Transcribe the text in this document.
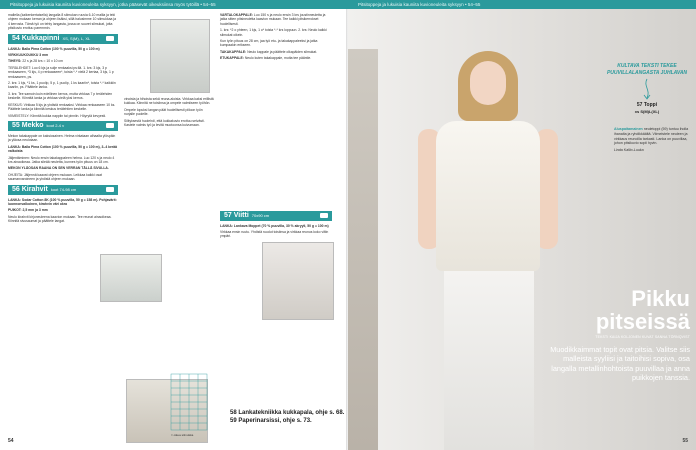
Pitsitoppeja ja lukuisia kauniita kuvioneuleita syksyyn, jotka pääsevät oikeuksiinsa myös tytöillä • 54–55	Pitsitoppeja ja lukuisia kauniita kuvioneuleita syksyyn • 54–55

mallella (kaikenkertaisella) langalla 8 silmukan ruuvia 6-10 mallia ja teki ohjeen mukaan kerran ja ohjeen lisäksi, sillä halusimme 10 silmukkaa ja 4 kerrosta. Tämä työ on tehty langasta, jossa on suuret silmukat, jotta pitsikuvio erottuu paremmin.

54 Kukkapinni XS, S(M), L, XL

LANKA: Baila Pima Cotton (100 % puuvilla, 50 g = 100 m)

VIRKKUUKOUKKU 3 mm

TIHEYS: 22 s ja 28 krs = 10 x 10 cm

TERÄLEHDET: Luo 6 kjs ja sulje renkaaksi ps:llä. 1. krs: 3 kjs, 3 p renkaaseen, *3 kjs, 4 p renkaaseen*, toista *-* vielä 2 kertaa, 3 kjs, 1 p renkaaseen, ps.

2. krs: 1 kjs, *1 ks, 1 puolip, 5 p, 1 puolip, 1 ks kaariin*, toista *-* kaikkiin kaariin, ps. Päättele lanka.

3. krs: Tee samoin kuin edellinen kerros, mutta virkkaa 7 p terälehden keskelle. Kiinnitä lanka ja virkkaa vielä yksi kerros.

KESKUS: Virkkaa 5 kjs ja yhdistä renkaaksi. Virkkaa renkaaseen 10 ks. Päättele lanka ja kiinnitä keskus terälehtien keskelle.

VIIMEISTELY: Kiinnitä kukka nappiin tai pinniin. Höyrytä kevyesti.

55 Mekko koot 2-4 v

Mekon takakappale on kaksiosainen. Helma virkataan alhaalta ylöspäin ja yläosa neulotaan.

LANKA: Baila Pima Cotton (100 % puuvilla, 50 g = 100 m), 3–4 kerää valkoista

Jäljentäminen: Neulo ensin takakappaleen helma. Luo 120 s ja neulo 4 krs ainaoikeaa. Jatka sileää neuletta, kunnes työn pituus on 18 cm.

MEKON YLÄOSAN RAANA ON SEN VERRAN TÄLLÄ SIVULLA.

OHJEITA: Jäljennä kaavat ohjeen mukaan. Leikkaa kaikki osat saumanvaroineen ja yhdistä ohjeen mukaan.

56 Kirahvit koot 74-98 cm

LANKA: Sodar Cotton 8K (100 % puuvilla, 50 g = 158 m). Pohjavärit: luonnonvalkoinen, kirahvin väri okra

PUIKOT: 2,5 mm ja 3 mm

Neulo kirahvit kirjoneuleena kaavion mukaan. Tee reunat ainaoikeaa. Kiinnitä sivusaumat ja päättele langat.

vinoista ja hihoista sekä reuna-aloista. Virkkaa kaksi erillistä kukkaa. Kiinnitä ne toisiinsa ja ompele valmiiseen työhön.

Ompele lopuksi langan päät huolellisesti piiloon työn nurjalle puolelle.

Silityksestä huolehdi, että kukkakuvio erottuu selvästi. Kastele valmis työ ja levitä muotoonsa kuivumaan.

VARTALOKAPPALE: Luo 150 s ja neulo ensin 3 krs joustinneuletta ja jatka sitten pitsineuletta kaavion mukaan. Tee kaikki pitsikerrokset huolellisesti.

1. krs: *2 o yhteen, 1 kjs, 1 o* toista *-* krs loppuun. 2. krs: Neulo kaikki silmukat oikein.

Kun työn pituus on 28 cm, jaa työ etu- ja takakappaleeksi ja jatka kumpaakin erikseen.

TAKAKAPPALE: Neulo kappale ja päättele olkapäiden silmukat.

ETUKAPPALE: Neulo kuten takakappale, mutta tee pääntie.

57 Viitti 70x90 cm

LANKA: Lankava Moppet (70 % puuvilla, 30 % akryyli, 50 g = 100 m)

Virkkaa ensin ruutu. Yhdistä ruudut toisiinsa ja virkkaa reunus koko viltin ympäri.

= oikea silmukka
58 Lankatekniikka kukkapala, ohje s. 68.
59 Paperinarsissi, ohje s. 73.
54
KULTAVA TEKSTI TEKEE PUUVILLALANGASTA JUHLAVAN
57 Toppi
xs S(M)L(XL)
Aluspaitamainen neuletoppi (59) tuntuu iholla ihanalta ja ryhdikkäältä. Viimeistele neuleen ja virkkaus reunoilla tarkasti. Lanka on puuvillaa, johon pitsikuvio sopii hyvin.
Linda Kallio-Luuka
Pikku pitseissä
TEKSTI KAIJA KOLJONEN KUVAT SANNA TÖRNQVIST
Muodikkaimmat topit ovat pitsia. Valitse siis malleista syyliisi ja taitoihisi sopiva, osa langalla metallinhohtoista puuvillaa ja anna puikkojen tanssia.
55
